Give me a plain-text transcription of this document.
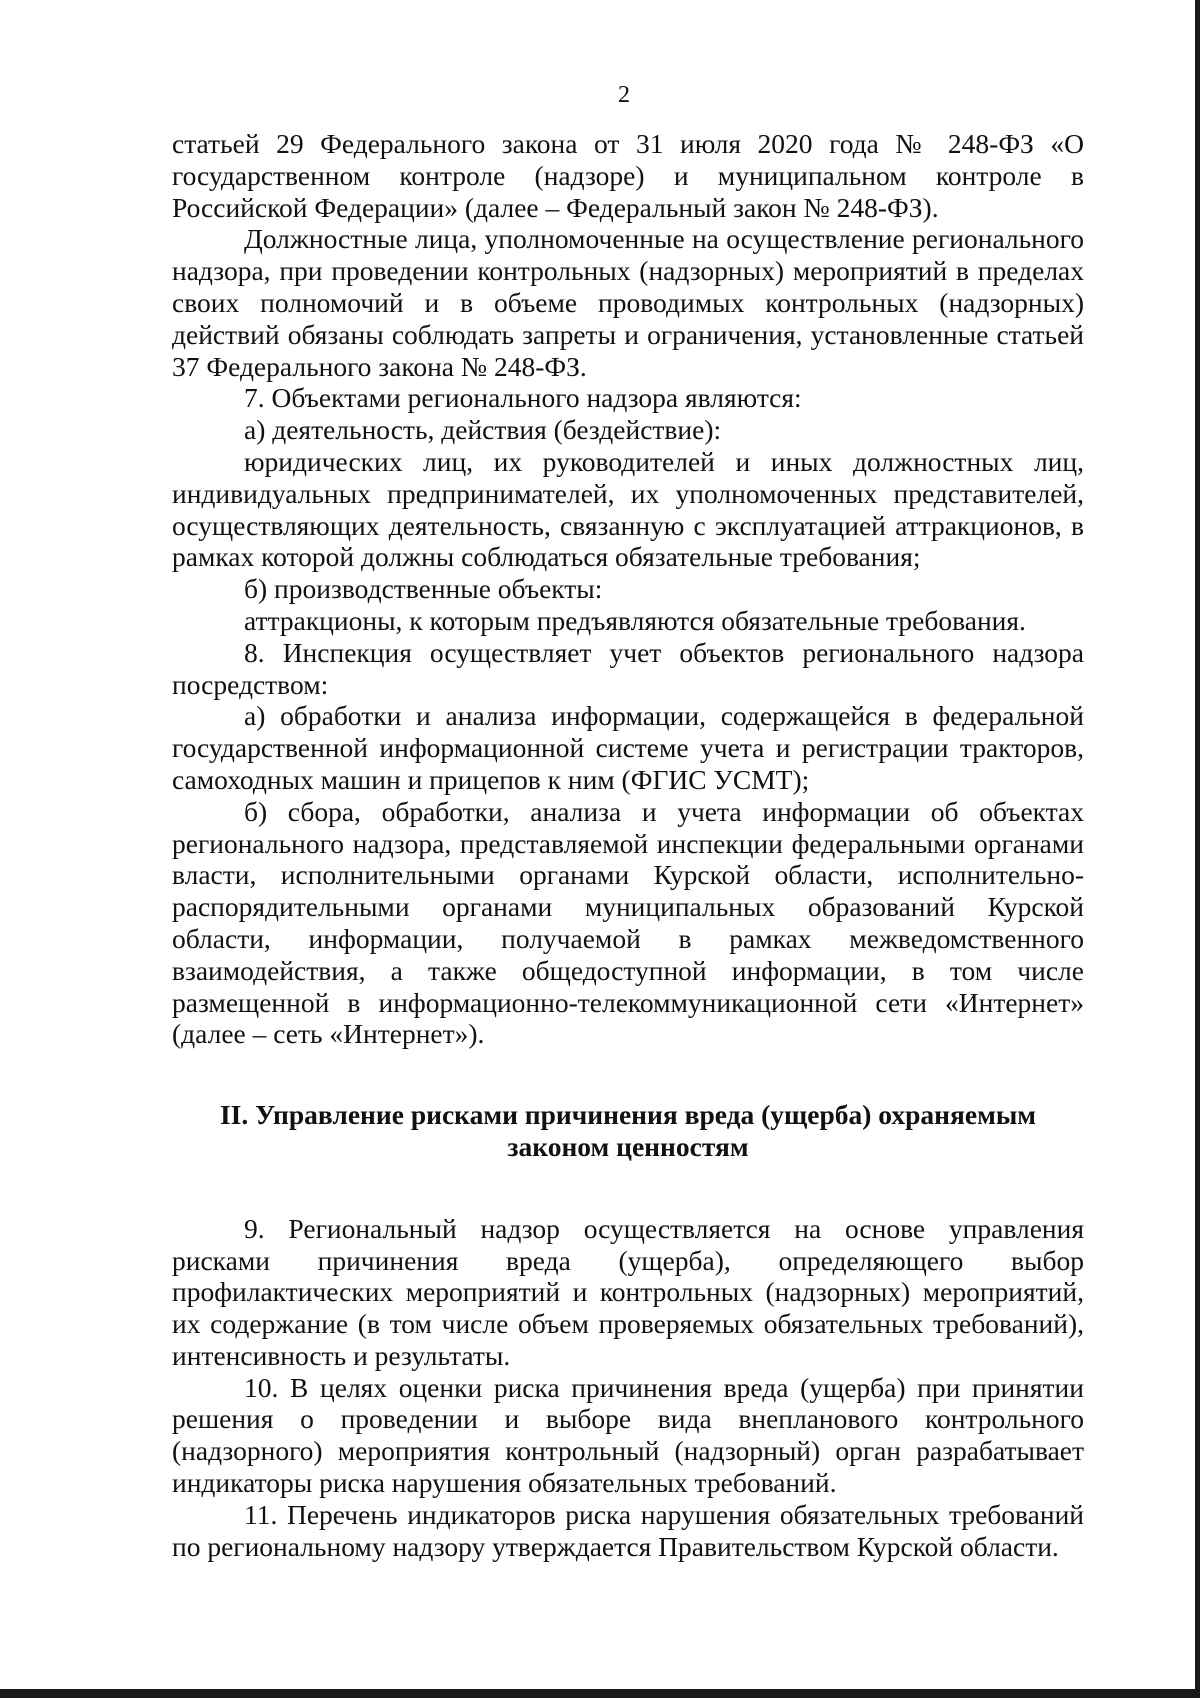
2

статьей 29 Федерального закона от 31 июля 2020 года № 248-ФЗ «О государственном контроле (надзоре) и муниципальном контроле в Российской Федерации» (далее – Федеральный закон № 248-ФЗ).

Должностные лица, уполномоченные на осуществление регионального надзора, при проведении контрольных (надзорных) мероприятий в пределах своих полномочий и в объеме проводимых контрольных (надзорных) действий обязаны соблюдать запреты и ограничения, установленные статьей 37 Федерального закона № 248-ФЗ.

7. Объектами регионального надзора являются:

а) деятельность, действия (бездействие):

юридических лиц, их руководителей и иных должностных лиц, индивидуальных предпринимателей, их уполномоченных представителей, осуществляющих деятельность, связанную с эксплуатацией аттракционов, в рамках которой должны соблюдаться обязательные требования;

б) производственные объекты:

аттракционы, к которым предъявляются обязательные требования.

8. Инспекция осуществляет учет объектов регионального надзора посредством:

а) обработки и анализа информации, содержащейся в федеральной государственной информационной системе учета и регистрации тракторов, самоходных машин и прицепов к ним (ФГИС УСМТ);

б) сбора, обработки, анализа и учета информации об объектах регионального надзора, представляемой инспекции федеральными органами власти, исполнительными органами Курской области, исполнительно-распорядительными органами муниципальных образований Курской области, информации, получаемой в рамках межведомственного взаимодействия, а также общедоступной информации, в том числе размещенной в информационно-телекоммуникационной сети «Интернет» (далее – сеть «Интернет»).

II. Управление рисками причинения вреда (ущерба) охраняемым
законом ценностям

9. Региональный надзор осуществляется на основе управления рисками причинения вреда (ущерба), определяющего выбор профилактических мероприятий и контрольных (надзорных) мероприятий, их содержание (в том числе объем проверяемых обязательных требований), интенсивность и результаты.

10. В целях оценки риска причинения вреда (ущерба) при принятии решения о проведении и выборе вида внепланового контрольного (надзорного) мероприятия контрольный (надзорный) орган разрабатывает индикаторы риска нарушения обязательных требований.

11. Перечень индикаторов риска нарушения обязательных требований по региональному надзору утверждается Правительством Курской области.
